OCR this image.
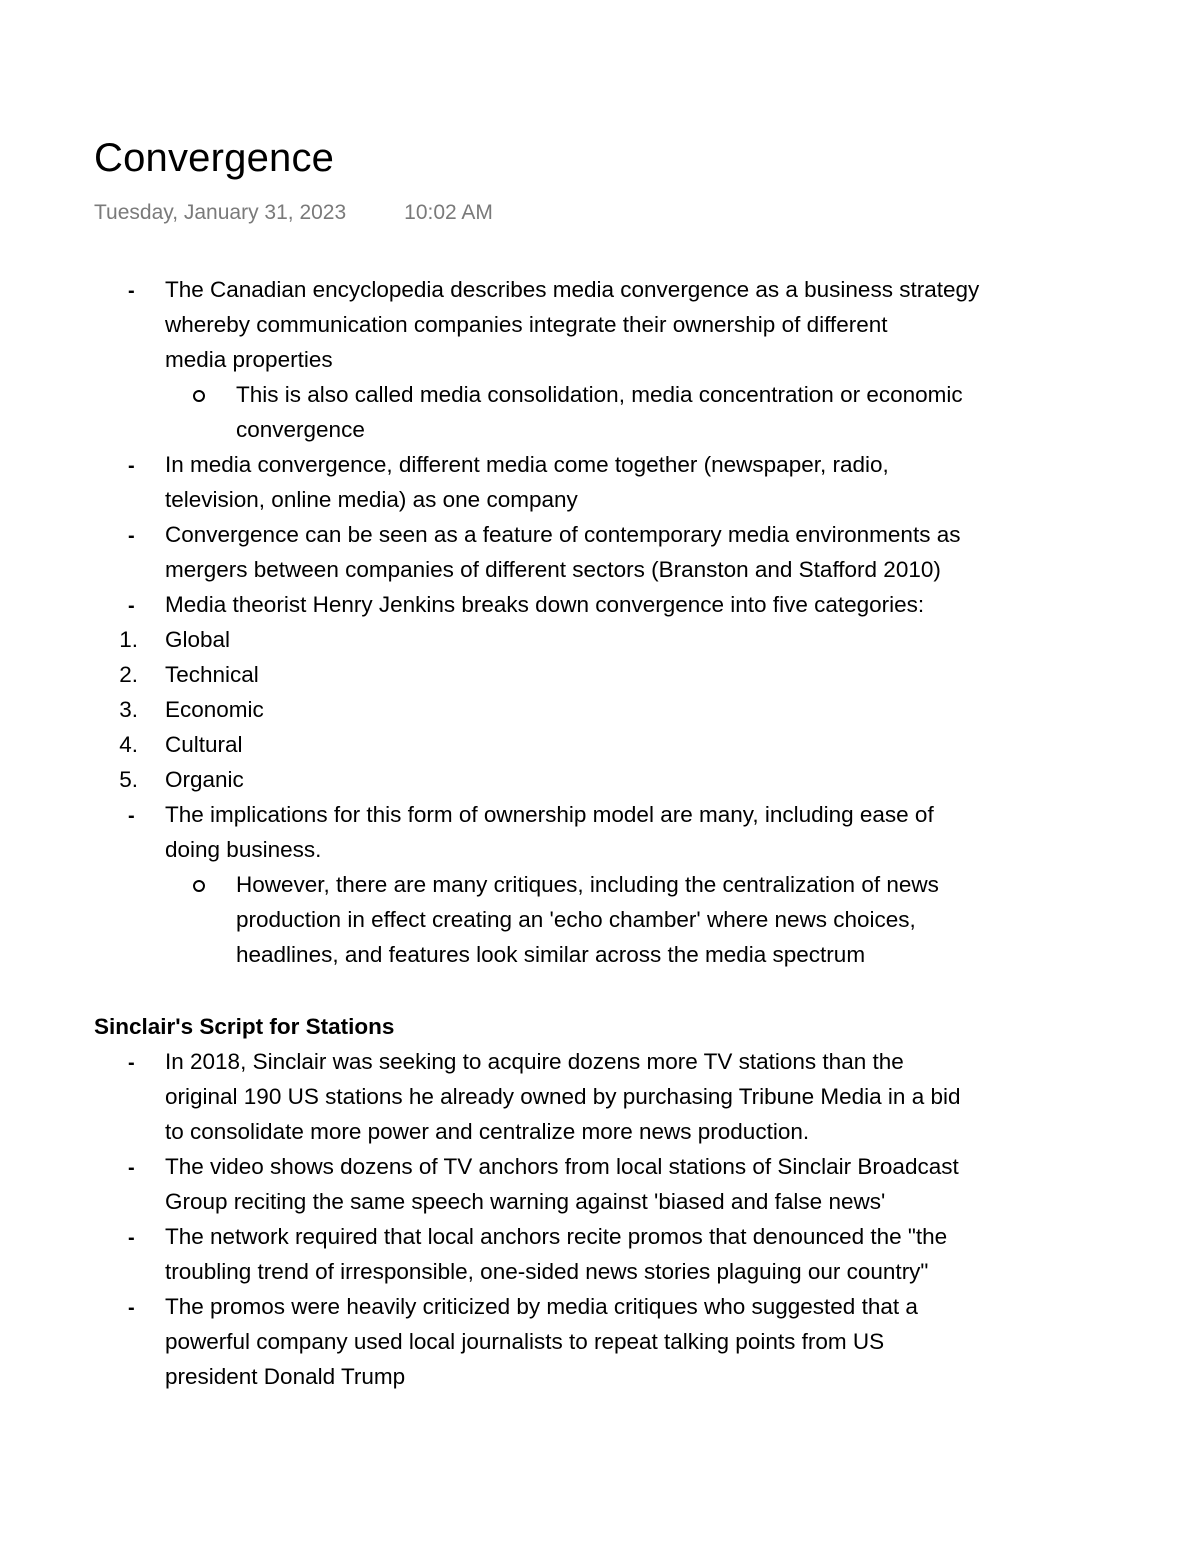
Convergence
Tuesday, January 31, 2023	10:02 AM
- The Canadian encyclopedia describes media convergence as a business strategy
whereby communication companies integrate their ownership of different
media properties
This is also called media consolidation, media concentration or economic
convergence
- In media convergence, different media come together (newspaper, radio,
television, online media) as one company
- Convergence can be seen as a feature of contemporary media environments as
mergers between companies of different sectors (Branston and Stafford 2010)
- Media theorist Henry Jenkins breaks down convergence into five categories:
1. Global
2. Technical
3. Economic
4. Cultural
5. Organic
- The implications for this form of ownership model are many, including ease of
doing business.
However, there are many critiques, including the centralization of news
production in effect creating an 'echo chamber' where news choices,
headlines, and features look similar across the media spectrum
Sinclair's Script for Stations
- In 2018, Sinclair was seeking to acquire dozens more TV stations than the
original 190 US stations he already owned by purchasing Tribune Media in a bid
to consolidate more power and centralize more news production.
- The video shows dozens of TV anchors from local stations of Sinclair Broadcast
Group reciting the same speech warning against 'biased and false news'
- The network required that local anchors recite promos that denounced the "the
troubling trend of irresponsible, one-sided news stories plaguing our country"
- The promos were heavily criticized by media critiques who suggested that a
powerful company used local journalists to repeat talking points from US
president Donald Trump
